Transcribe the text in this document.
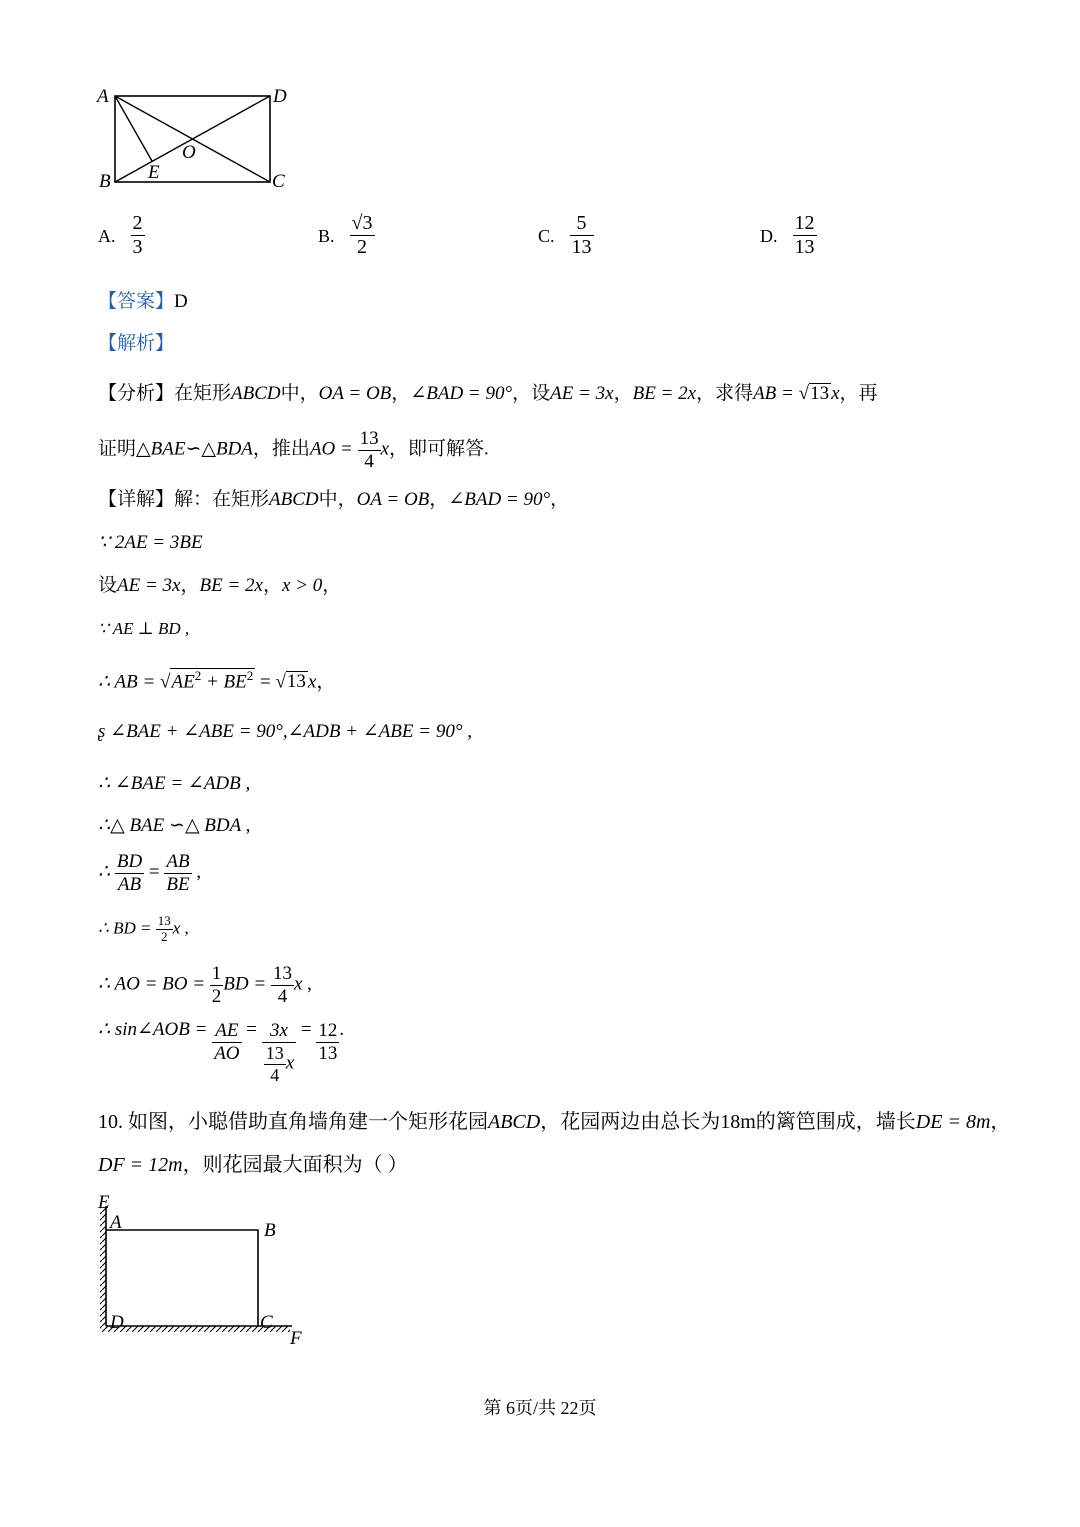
A	D
B	C
E
O
A. $\frac{2}{3}$	B. $\frac{√3}{2}$	C. $\frac{5}{13}$	D. $\frac{12}{13}$
【答案】D
【解析】
【分析】在矩形ABCD中，OA = OB，∠BAD = 90°，设AE = 3x，BE = 2x，求得AB = √13 x，再
证明△BAE∽△BDA，推出AO = $\frac{13}{4}$ x，即可解答.
【详解】解：在矩形ABCD中，OA = OB，∠BAD = 90°，
∵ 2AE = 3BE
设AE = 3x，BE = 2x，x > 0，
∵ AE ⊥ BD ,
∴ AB = $√AE^2 + BE^2 = √13$ x，
ʂ ∠BAE + ∠ABE = 90°,∠ADB + ∠ABE = 90° ,
∴ ∠BAE = ∠ADB ,
∴△ BAE ∽△ BDA ,
∴ $\frac{BD}{AB} = \frac{AB}{BE}$ ,
∴ BD = $\frac{13}{2}$ x ,
∴ AO = BO = $\frac{1}{2}$ BD = $\frac{13}{4}$ x ,
∴ sin∠AOB = $\frac{AE}{AO} = \frac{3x}{\frac{13}{4} x} = \frac{12}{13}$ .
10. 如图，小聪借助直角墙角建一个矩形花园ABCD，花园两边由总长为18m的篱笆围成，墙长DE = 8m，
DF = 12m，则花园最大面积为（ ）
E
A	B
D	C
F
第 6页/共 22页
